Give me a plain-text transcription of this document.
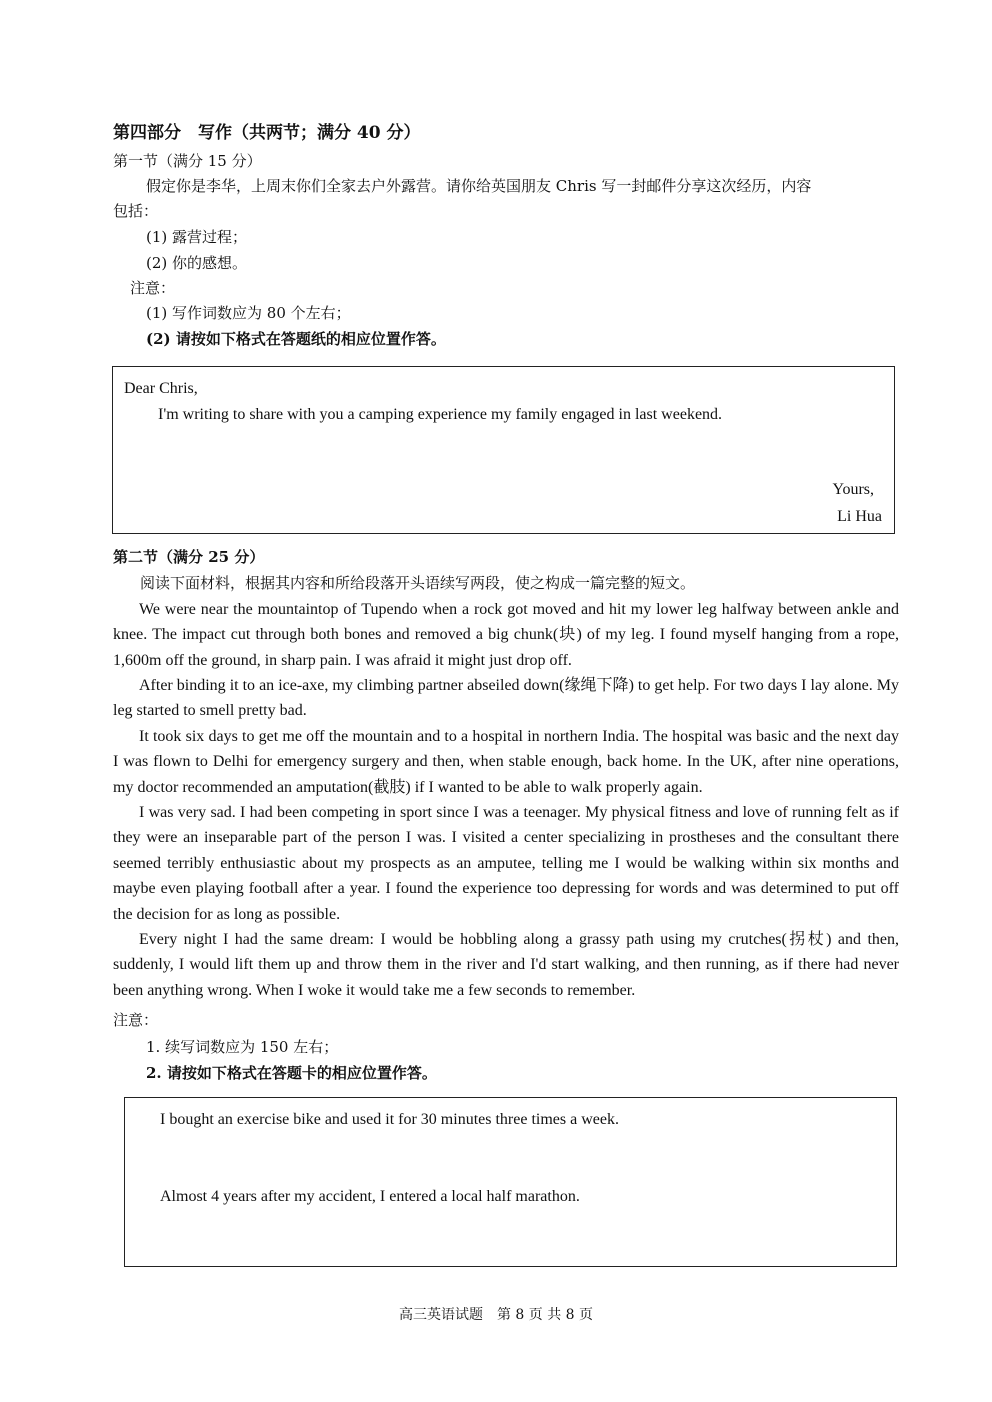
第四部分　写作（共两节；满分 40 分）
第一节（满分 15 分）
假定你是李华，上周末你们全家去户外露营。请你给英国朋友 Chris 写一封邮件分享这次经历，内容
包括：
(1) 露营过程；
(2) 你的感想。
注意：
(1) 写作词数应为 80 个左右；
(2) 请按如下格式在答题纸的相应位置作答。
Dear Chris,
I'm writing to share with you a camping experience my family engaged in last weekend.
Yours,
Li Hua
第二节（满分 25 分）
阅读下面材料，根据其内容和所给段落开头语续写两段，使之构成一篇完整的短文。
We were near the mountaintop of Tupendo when a rock got moved and hit my lower leg halfway between ankle and knee. The impact cut through both bones and removed a big chunk(块) of my leg. I found myself hanging from a rope, 1,600m off the ground, in sharp pain. I was afraid it might just drop off.
After binding it to an ice-axe, my climbing partner abseiled down(缘绳下降) to get help. For two days I lay alone. My leg started to smell pretty bad.
It took six days to get me off the mountain and to a hospital in northern India. The hospital was basic and the next day I was flown to Delhi for emergency surgery and then, when stable enough, back home. In the UK, after nine operations, my doctor recommended an amputation(截肢) if I wanted to be able to walk properly again.
I was very sad. I had been competing in sport since I was a teenager. My physical fitness and love of running felt as if they were an inseparable part of the person I was. I visited a center specializing in prostheses and the consultant there seemed terribly enthusiastic about my prospects as an amputee, telling me I would be walking within six months and maybe even playing football after a year. I found the experience too depressing for words and was determined to put off the decision for as long as possible.
Every night I had the same dream: I would be hobbling along a grassy path using my crutches(拐杖) and then, suddenly, I would lift them up and throw them in the river and I'd start walking, and then running, as if there had never been anything wrong. When I woke it would take me a few seconds to remember.
注意：
1. 续写词数应为 150 左右；
2. 请按如下格式在答题卡的相应位置作答。
I bought an exercise bike and used it for 30 minutes three times a week.
Almost 4 years after my accident, I entered a local half marathon.
高三英语试题　第 8 页 共 8 页
